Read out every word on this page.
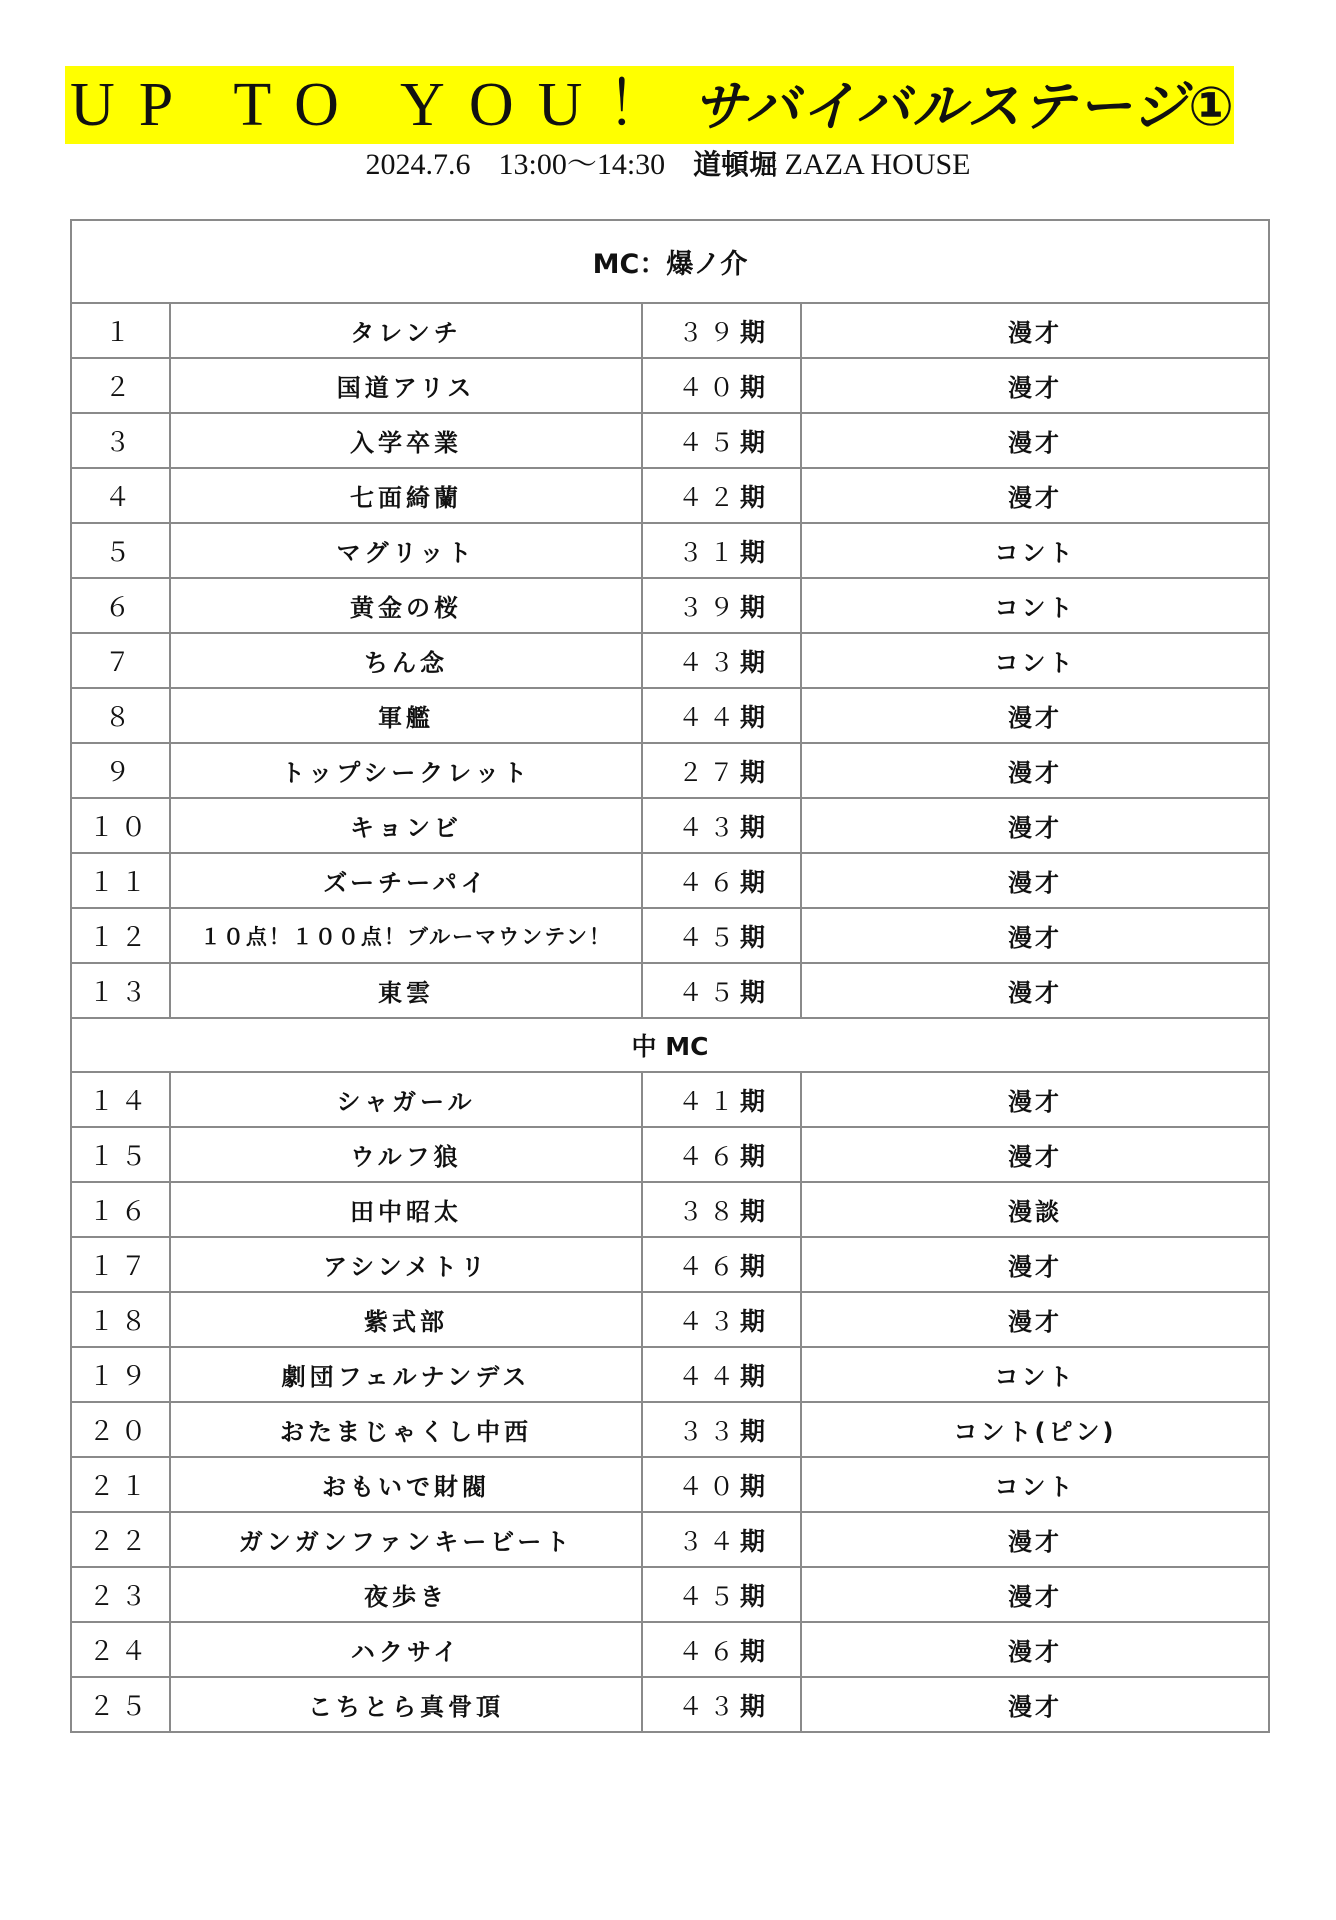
UP TO YOU！サバイバルステージ①
2024.7.6 13:00～14:30 道頓堀 ZAZA HOUSE
MC：爆ノ介			
１	タレンチ	３９期	漫才
２	国道アリス	４０期	漫才
３	入学卒業	４５期	漫才
４	七面綺蘭	４２期	漫才
５	マグリット	３１期	コント
６	黄金の桜	３９期	コント
７	ちん念	４３期	コント
８	軍艦	４４期	漫才
９	トップシークレット	２７期	漫才
１０	キョンビ	４３期	漫才
１１	ズーチーパイ	４６期	漫才
１２	１０点！１００点！ブルーマウンテン！	４５期	漫才
１３	東雲	４５期	漫才
中 MC			
１４	シャガール	４１期	漫才
１５	ウルフ狼	４６期	漫才
１６	田中昭太	３８期	漫談
１７	アシンメトリ	４６期	漫才
１８	紫式部	４３期	漫才
１９	劇団フェルナンデス	４４期	コント
２０	おたまじゃくし中西	３３期	コント(ピン)
２１	おもいで財閥	４０期	コント
２２	ガンガンファンキービート	３４期	漫才
２３	夜歩き	４５期	漫才
２４	ハクサイ	４６期	漫才
２５	こちとら真骨頂	４３期	漫才
